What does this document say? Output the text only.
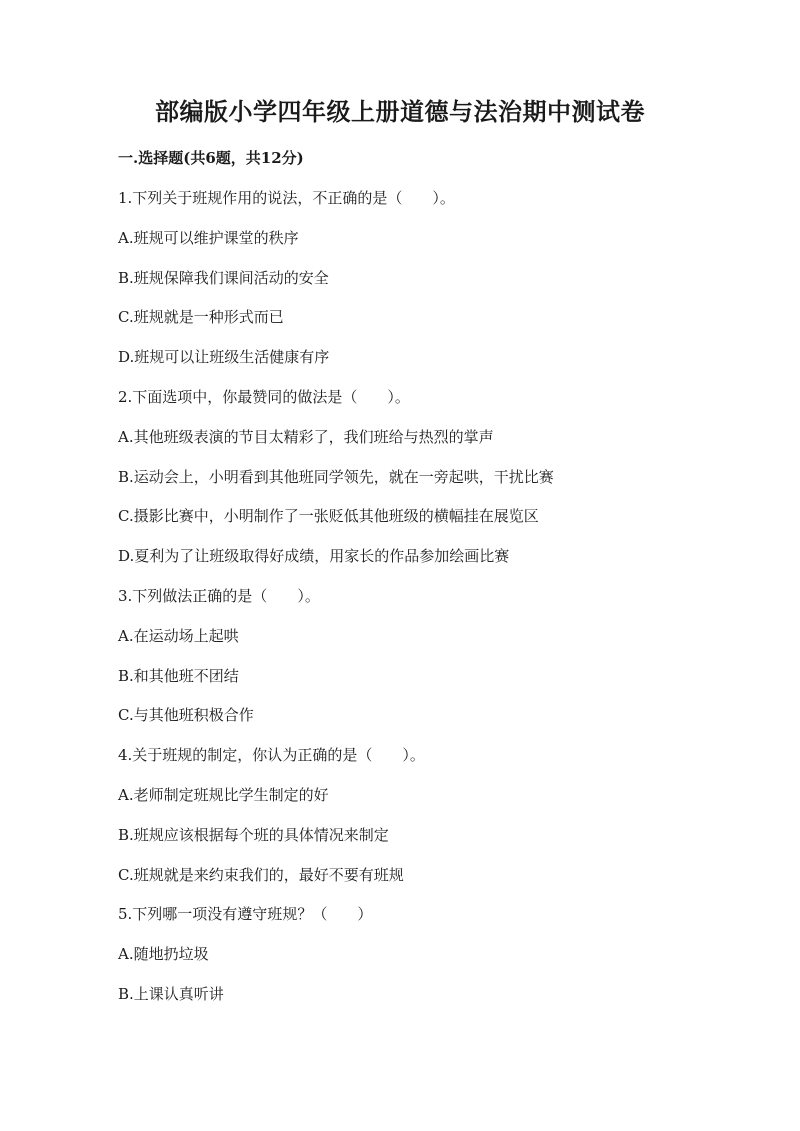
部编版小学四年级上册道德与法治期中测试卷
一.选择题(共6题，共12分)
1.下列关于班规作用的说法，不正确的是（　　）。
A.班规可以维护课堂的秩序
B.班规保障我们课间活动的安全
C.班规就是一种形式而已
D.班规可以让班级生活健康有序
2.下面选项中，你最赞同的做法是（　　）。
A.其他班级表演的节目太精彩了，我们班给与热烈的掌声
B.运动会上，小明看到其他班同学领先，就在一旁起哄，干扰比赛
C.摄影比赛中，小明制作了一张贬低其他班级的横幅挂在展览区
D.夏利为了让班级取得好成绩，用家长的作品参加绘画比赛
3.下列做法正确的是（　　）。
A.在运动场上起哄
B.和其他班不团结
C.与其他班积极合作
4.关于班规的制定，你认为正确的是（　　）。
A.老师制定班规比学生制定的好
B.班规应该根据每个班的具体情况来制定
C.班规就是来约束我们的，最好不要有班规
5.下列哪一项没有遵守班规？（　　）
A.随地扔垃圾
B.上课认真听讲
